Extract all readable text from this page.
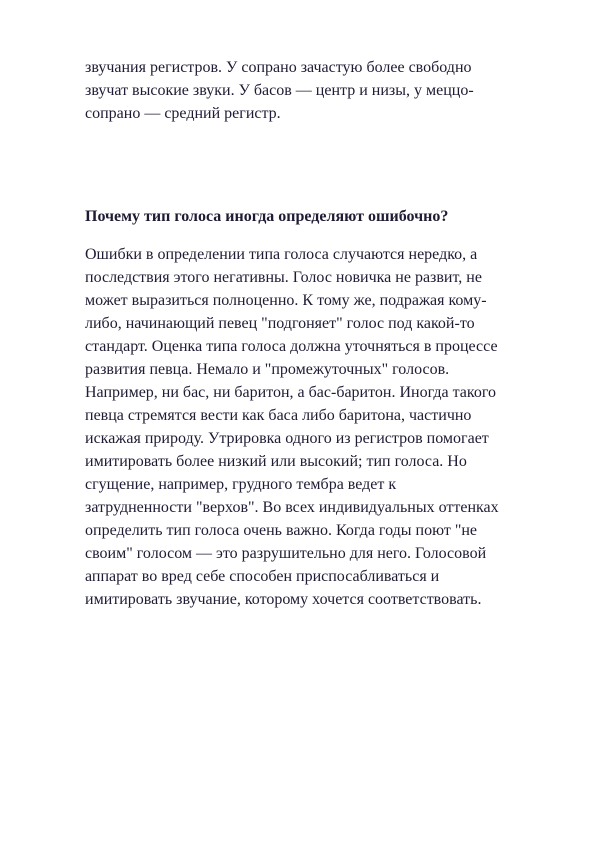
звучания регистров. У сопрано зачастую более свободно

звучат высокие звуки. У басов — центр и низы, у меццо-

сопрано — средний регистр.

Почему тип голоса иногда определяют ошибочно?

Ошибки в определении типа голоса случаются нередко, а

последствия этого негативны. Голос новичка не развит, не

может выразиться полноценно. К тому же, подражая кому-

либо, начинающий певец "подгоняет" голос под какой-то

стандарт. Оценка типа голоса должна уточняться в процессе

развития певца. Немало и "промежуточных" голосов.

Например, ни бас, ни баритон, а бас-баритон. Иногда такого

певца стремятся вести как баса либо баритона, частично

искажая природу. Утрировка одного из регистров помогает

имитировать более низкий или высокий; тип голоса. Но

сгущение, например, грудного тембра ведет к

затрудненности "верхов". Во всех индивидуальных оттенках

определить тип голоса очень важно. Когда годы поют "не

своим" голосом — это разрушительно для него. Голосовой

аппарат во вред себе способен приспосабливаться и

имитировать звучание, которому хочется соответствовать.
